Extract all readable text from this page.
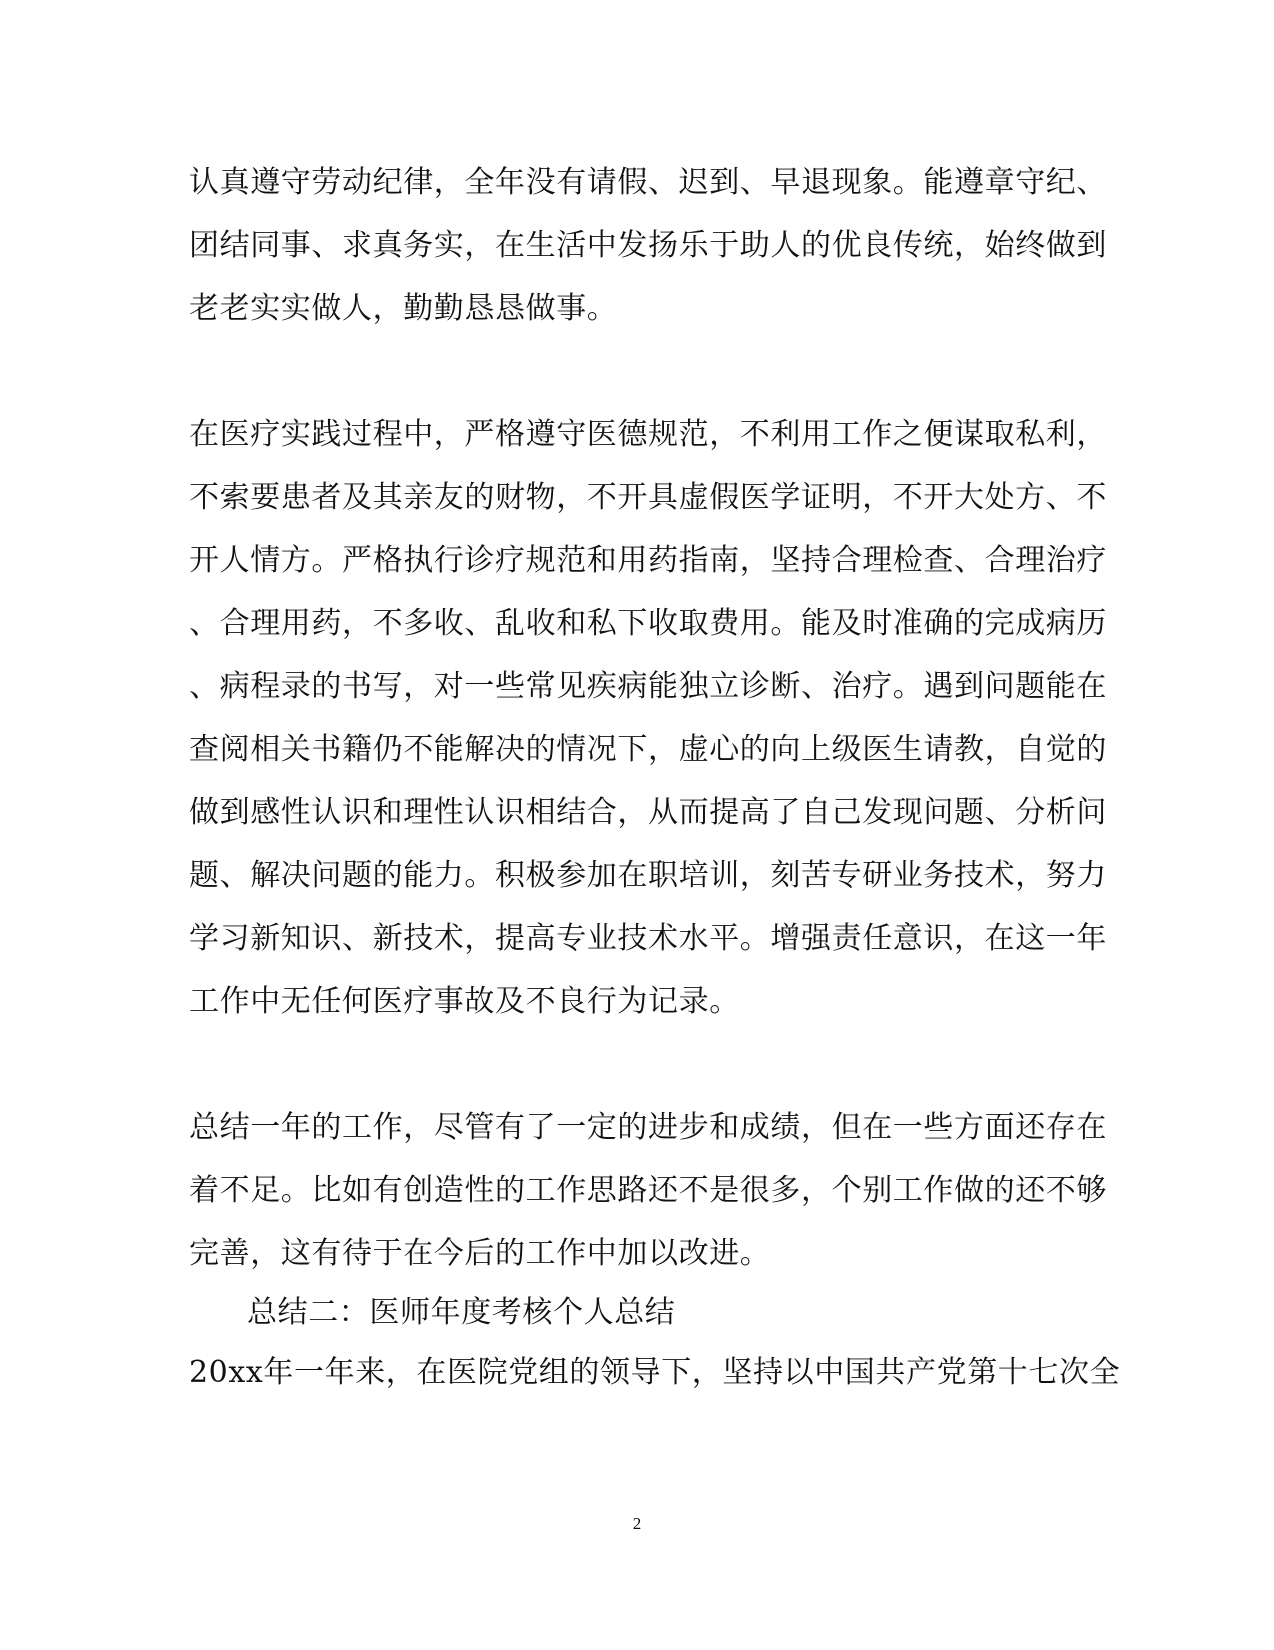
认真遵守劳动纪律，全年没有请假、迟到、早退现象。能遵章守纪、
团结同事、求真务实，在生活中发扬乐于助人的优良传统，始终做到
老老实实做人，勤勤恳恳做事。
在医疗实践过程中，严格遵守医德规范，不利用工作之便谋取私利，
不索要患者及其亲友的财物，不开具虚假医学证明，不开大处方、不
开人情方。严格执行诊疗规范和用药指南，坚持合理检查、合理治疗
、合理用药，不多收、乱收和私下收取费用。能及时准确的完成病历
、病程录的书写，对一些常见疾病能独立诊断、治疗。遇到问题能在
查阅相关书籍仍不能解决的情况下，虚心的向上级医生请教，自觉的
做到感性认识和理性认识相结合，从而提高了自己发现问题、分析问
题、解决问题的能力。积极参加在职培训，刻苦专研业务技术，努力
学习新知识、新技术，提高专业技术水平。增强责任意识，在这一年
工作中无任何医疗事故及不良行为记录。
总结一年的工作，尽管有了一定的进步和成绩，但在一些方面还存在
着不足。比如有创造性的工作思路还不是很多，个别工作做的还不够
完善，这有待于在今后的工作中加以改进。
总结二：医师年度考核个人总结
20xx年一年来，在医院党组的领导下，坚持以中国共产党第十七次全
2
